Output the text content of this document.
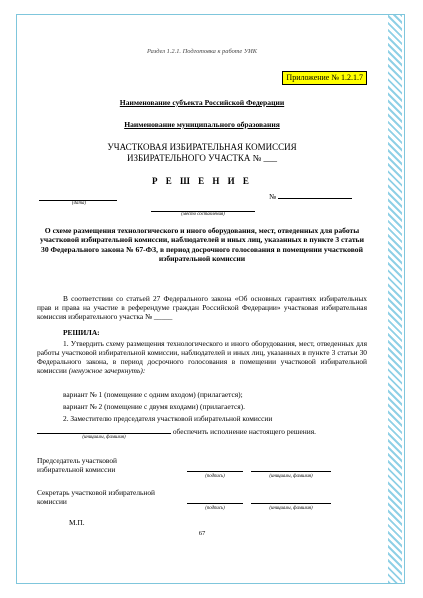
Раздел 1.2.1. Подготовка к работе УИК
Приложение № 1.2.1.7
Наименование субъекта Российской Федерации
Наименование муниципального образования
УЧАСТКОВАЯ ИЗБИРАТЕЛЬНАЯ КОМИССИЯ
ИЗБИРАТЕЛЬНОГО УЧАСТКА № ___
Р Е Ш Е Н И Е
(дата)
№
(место составления)
О схеме размещения технологического и иного оборудования, мест, отведенных для работы участковой избирательной комиссии, наблюдателей и иных лиц, указанных в пункте 3 статьи 30 Федерального закона № 67-ФЗ, в период досрочного голосования в помещении участковой избирательной комиссии
В соответствии со статьей 27 Федерального закона «Об основных гарантиях избирательных прав и права на участие в референдуме граждан Российской Федерации» участковая избирательная комиссия избирательного участка № _____
РЕШИЛА:
1. Утвердить схему размещения технологического и иного оборудования, мест, отведенных для работы участковой избирательной комиссии, наблюдателей и иных лиц, указанных в пункте 3 статьи 30 Федерального закона, в период досрочного голосования в помещении участковой избирательной комиссии (ненужное зачеркнуть):
вариант № 1 (помещение с одним входом) (прилагается);
вариант № 2 (помещение с двумя входами) (прилагается).
2. Заместителю председателя участковой избирательной комиссии
обеспечить исполнение настоящего решения.
(инициалы, фамилия)
Председатель участковой избирательной комиссии
(подпись)	(инициалы, фамилия)
Секретарь участковой избирательной комиссии
(подпись)	(инициалы, фамилия)
М.П.
67
